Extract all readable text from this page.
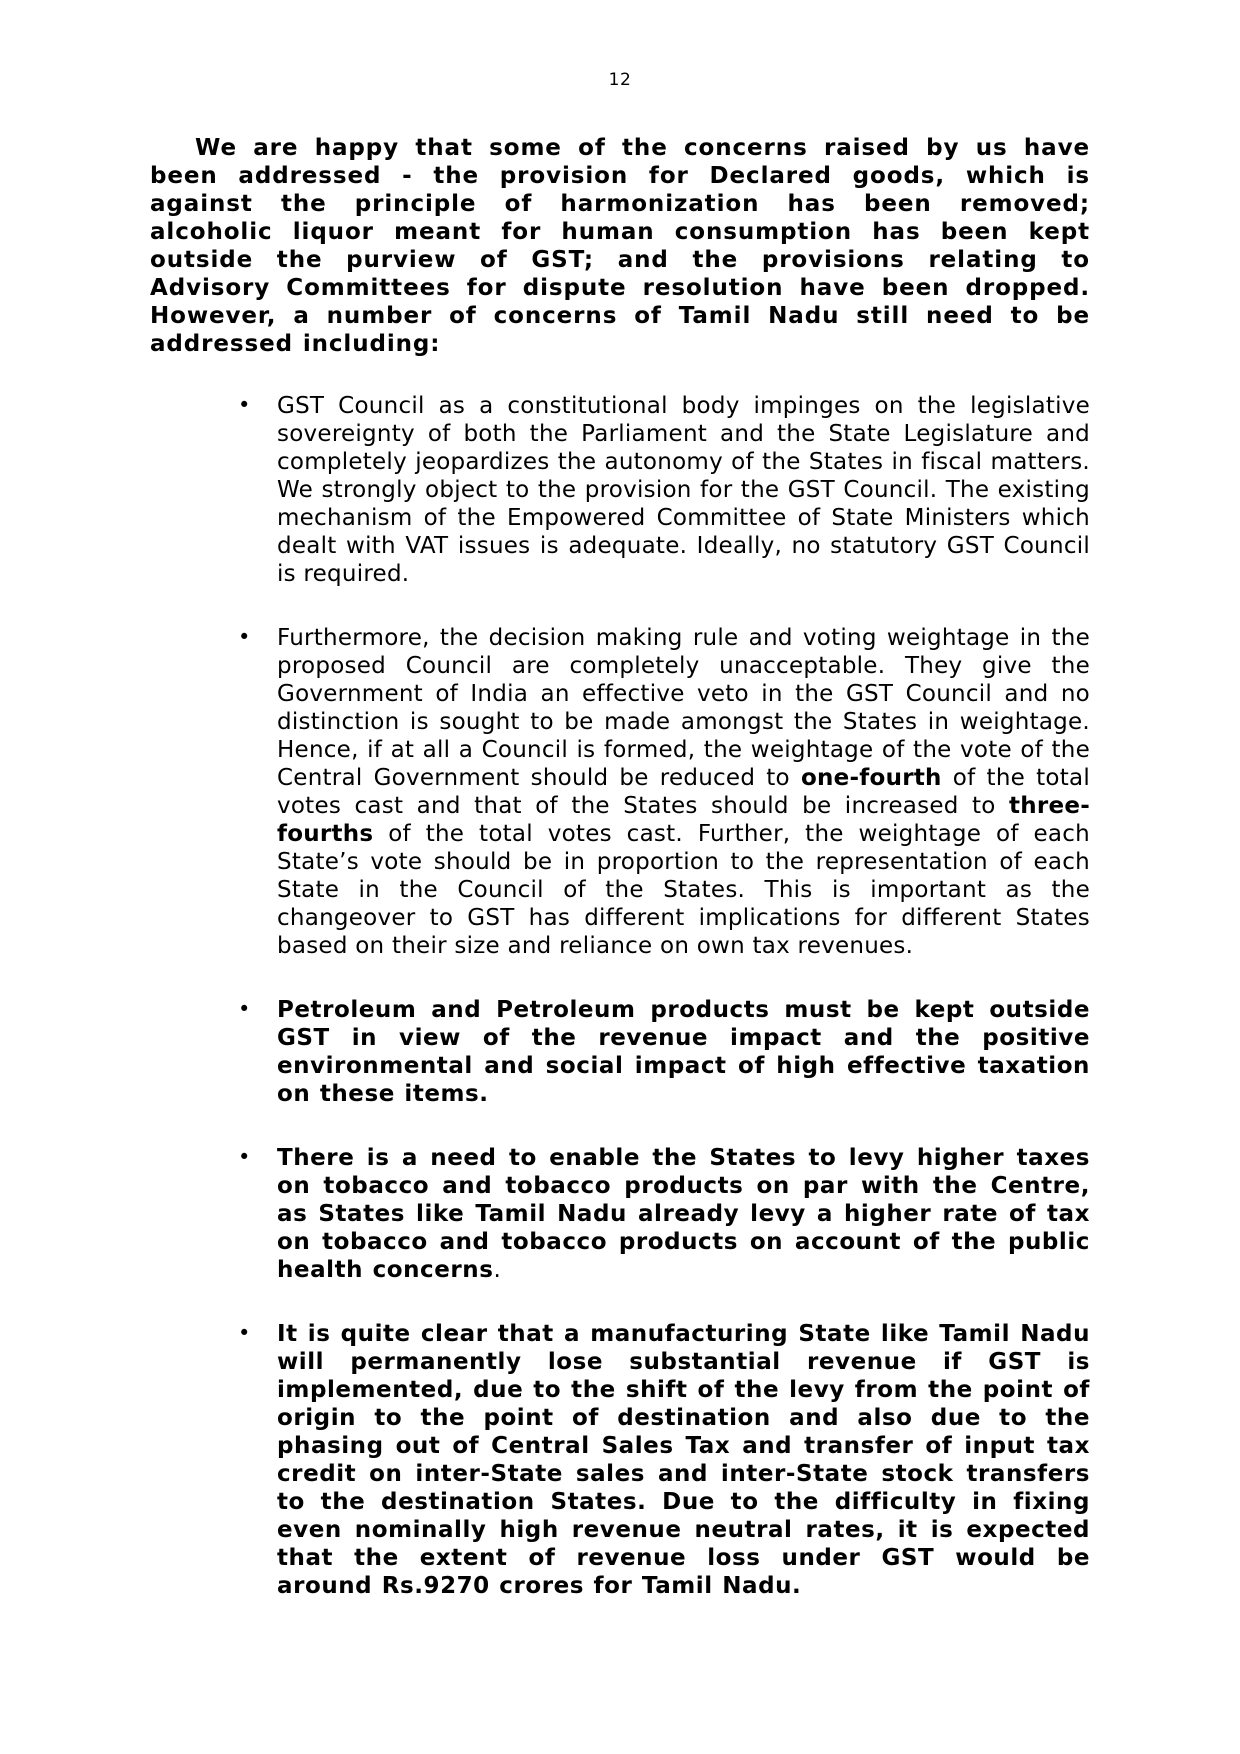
12

We are happy that some of the concerns raised by us have been addressed - the provision for Declared goods, which is against the principle of harmonization has been removed; alcoholic liquor meant for human consumption has been kept outside the purview of GST; and the provisions relating to Advisory Committees for dispute resolution have been dropped. However, a number of concerns of Tamil Nadu still need to be addressed including:

• GST Council as a constitutional body impinges on the legislative sovereignty of both the Parliament and the State Legislature and completely jeopardizes the autonomy of the States in fiscal matters. We strongly object to the provision for the GST Council. The existing mechanism of the Empowered Committee of State Ministers which dealt with VAT issues is adequate. Ideally, no statutory GST Council is required.
• Furthermore, the decision making rule and voting weightage in the proposed Council are completely unacceptable. They give the Government of India an effective veto in the GST Council and no distinction is sought to be made amongst the States in weightage. Hence, if at all a Council is formed, the weightage of the vote of the Central Government should be reduced to one-fourth of the total votes cast and that of the States should be increased to three-fourths of the total votes cast. Further, the weightage of each State’s vote should be in proportion to the representation of each State in the Council of the States. This is important as the changeover to GST has different implications for different States based on their size and reliance on own tax revenues.
• Petroleum and Petroleum products must be kept outside GST in view of the revenue impact and the positive environmental and social impact of high effective taxation on these items.
• There is a need to enable the States to levy higher taxes on tobacco and tobacco products on par with the Centre, as States like Tamil Nadu already levy a higher rate of tax on tobacco and tobacco products on account of the public health concerns.
• It is quite clear that a manufacturing State like Tamil Nadu will permanently lose substantial revenue if GST is implemented, due to the shift of the levy from the point of origin to the point of destination and also due to the phasing out of Central Sales Tax and transfer of input tax credit on inter-State sales and inter-State stock transfers to the destination States. Due to the difficulty in fixing even nominally high revenue neutral rates, it is expected that the extent of revenue loss under GST would be around Rs.9270 crores for Tamil Nadu.
